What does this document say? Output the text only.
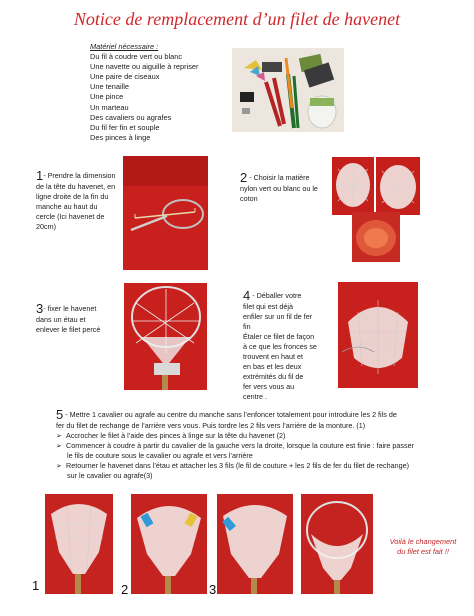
Notice de remplacement d’un filet de havenet
Matériel nécessaire :
Du fil à coudre vert ou blanc
Une navette ou aiguille à repriser
Une paire de ciseaux
Une tenaille
Une pince
Un marteau
Des cavaliers ou agrafes
Du fil fer fin et souple
Des pinces à linge
1- Prendre la dimension
de la tête du havenet, en
ligne droite de la fin du
manche au haut du
cercle (Ici havenet de
20cm)
2 - Choisir la matière
nylon vert ou blanc ou le
coton
3- fixer le havenet
dans un étau et
enlever le filet percé
4 - Déballer votre
filet qui est déjà
enfiler sur un fil de fer
fin
Étaler ce filet de façon
à ce que les fronces se
trouvent en haut et
en bas et les deux
extrémités du fil de
fer vers vous au
centre .
5 - Mettre 1 cavalier ou agrafe au centre du manche sans l’enfoncer totalement pour introduire les 2 fils de
fer du filet de rechange de l’arrière vers vous. Puis tordre les 2 fils vers l’arrière de la monture. (1)
➢  Accrocher le filet à l’aide des pinces à linge sur la tête du havenet (2)
➢  Commencer à coudre à partir du cavalier de la gauche vers la droite, lorsque la couture est finie : faire passer
le fils de couture sous le cavalier ou agrafe et vers l’arrière
➢  Retourner le havenet dans l’étau et attacher les 3 fils (le fil de couture + les 2 fils de fer du filet de rechange)
sur le cavalier ou agrafe(3)
1	2	3
Voilà le changement
du filet est fait !!
